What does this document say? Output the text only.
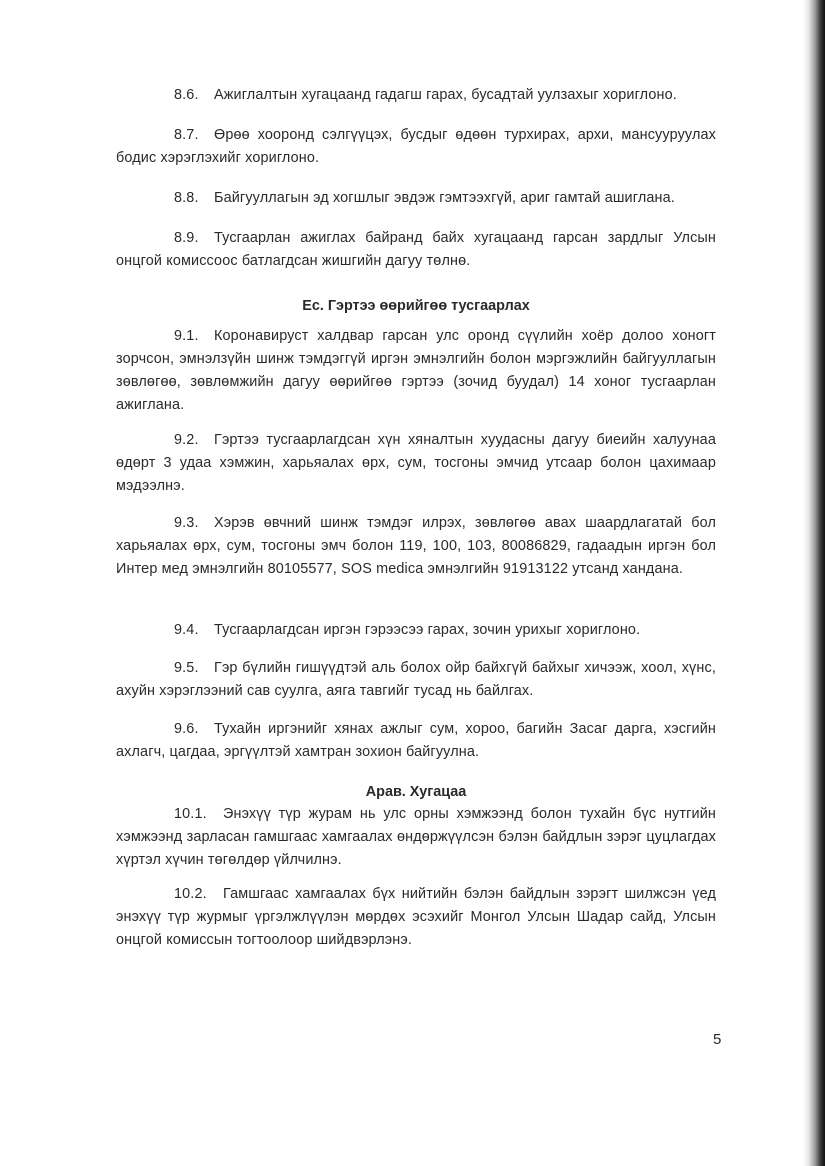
8.6. Ажиглалтын хугацаанд гадагш гарах, бусадтай уулзахыг хориглоно.
8.7. Өрөө хооронд сэлгүүцэх, бусдыг өдөөн турхирах, архи, мансууруулах бодис хэрэглэхийг хориглоно.
8.8. Байгууллагын эд хогшлыг эвдэж гэмтээхгүй, ариг гамтай ашиглана.
8.9. Тусгаарлан ажиглах байранд байх хугацаанд гарсан зардлыг Улсын онцгой комиссоос батлагдсан жишгийн дагуу төлнө.
Ес. Гэртээ өөрийгөө тусгаарлах
9.1. Коронавируст халдвар гарсан улс оронд сүүлийн хоёр долоо хоногт зорчсон, эмнэлзүйн шинж тэмдэггүй иргэн эмнэлгийн болон мэргэжлийн байгууллагын зөвлөгөө, зөвлөмжийн дагуу өөрийгөө гэртээ (зочид буудал) 14 хоног тусгаарлан ажиглана.
9.2. Гэртээ тусгаарлагдсан хүн хяналтын хуудасны дагуу биеийн халуунаа өдөрт 3 удаа хэмжин, харьяалах өрх, сум, тосгоны эмчид утсаар болон цахимаар мэдээлнэ.
9.3. Хэрэв өвчний шинж тэмдэг илрэх, зөвлөгөө авах шаардлагатай бол харьяалах өрх, сум, тосгоны эмч болон 119, 100, 103, 80086829, гадаадын иргэн бол Интер мед эмнэлгийн 80105577, SOS medica эмнэлгийн 91913122 утсанд хандана.
9.4. Тусгаарлагдсан иргэн гэрээсээ гарах, зочин урихыг хориглоно.
9.5. Гэр бүлийн гишүүдтэй аль болох ойр байхгүй байхыг хичээж, хоол, хүнс, ахуйн хэрэглээний сав суулга, аяга тавгийг тусад нь байлгах.
9.6. Тухайн иргэнийг хянах ажлыг сум, хороо, багийн Засаг дарга, хэсгийн ахлагч, цагдаа, эргүүлтэй хамтран зохион байгуулна.
Арав. Хугацаа
10.1. Энэхүү түр журам нь улс орны хэмжээнд болон тухайн бүс нутгийн хэмжээнд зарласан гамшгаас хамгаалах өндөржүүлсэн бэлэн байдлын зэрэг цуцлагдах хүртэл хүчин төгөлдөр үйлчилнэ.
10.2. Гамшгаас хамгаалах бүх нийтийн бэлэн байдлын зэрэгт шилжсэн үед энэхүү түр журмыг үргэлжлүүлэн мөрдөх эсэхийг Монгол Улсын Шадар сайд, Улсын онцгой комиссын тогтоолоор шийдвэрлэнэ.
5
